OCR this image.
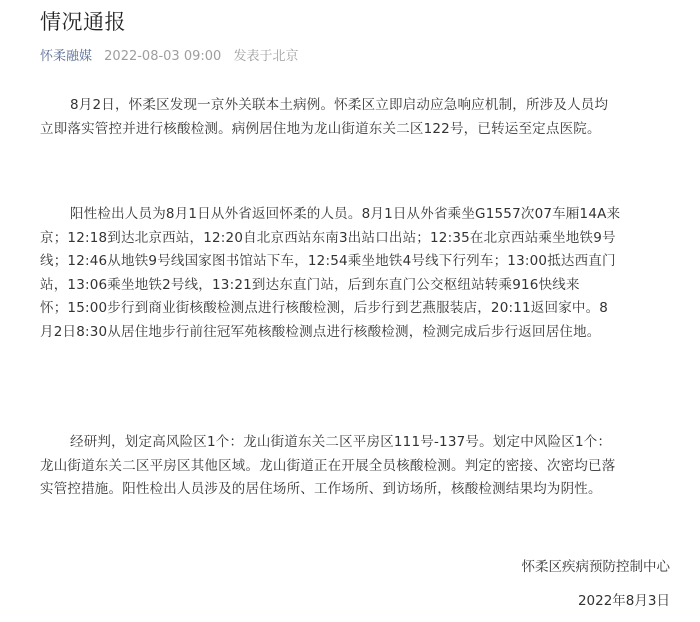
情况通报
怀柔融媒 2022-08-03 09:00 发表于北京

8月2日，怀柔区发现一京外关联本土病例。怀柔区立即启动应急响应机制，所涉及人员均
立即落实管控并进行核酸检测。病例居住地为龙山街道东关二区122号，已转运至定点医院。

阳性检出人员为8月1日从外省返回怀柔的人员。8月1日从外省乘坐G1557次07车厢14A来
京；12:18到达北京西站，12:20自北京西站东南3出站口出站；12:35在北京西站乘坐地铁9号
线；12:46从地铁9号线国家图书馆站下车，12:54乘坐地铁4号线下行列车；13:00抵达西直门
站，13:06乘坐地铁2号线，13:21到达东直门站，后到东直门公交枢纽站转乘916快线来
怀；15:00步行到商业街核酸检测点进行核酸检测，后步行到艺燕服装店，20:11返回家中。8
月2日8:30从居住地步行前往冠军苑核酸检测点进行核酸检测，检测完成后步行返回居住地。

经研判，划定高风险区1个：龙山街道东关二区平房区111号-137号。划定中风险区1个：
龙山街道东关二区平房区其他区域。龙山街道正在开展全员核酸检测。判定的密接、次密均已落
实管控措施。阳性检出人员涉及的居住场所、工作场所、到访场所，核酸检测结果均为阴性。

怀柔区疾病预防控制中心
2022年8月3日
